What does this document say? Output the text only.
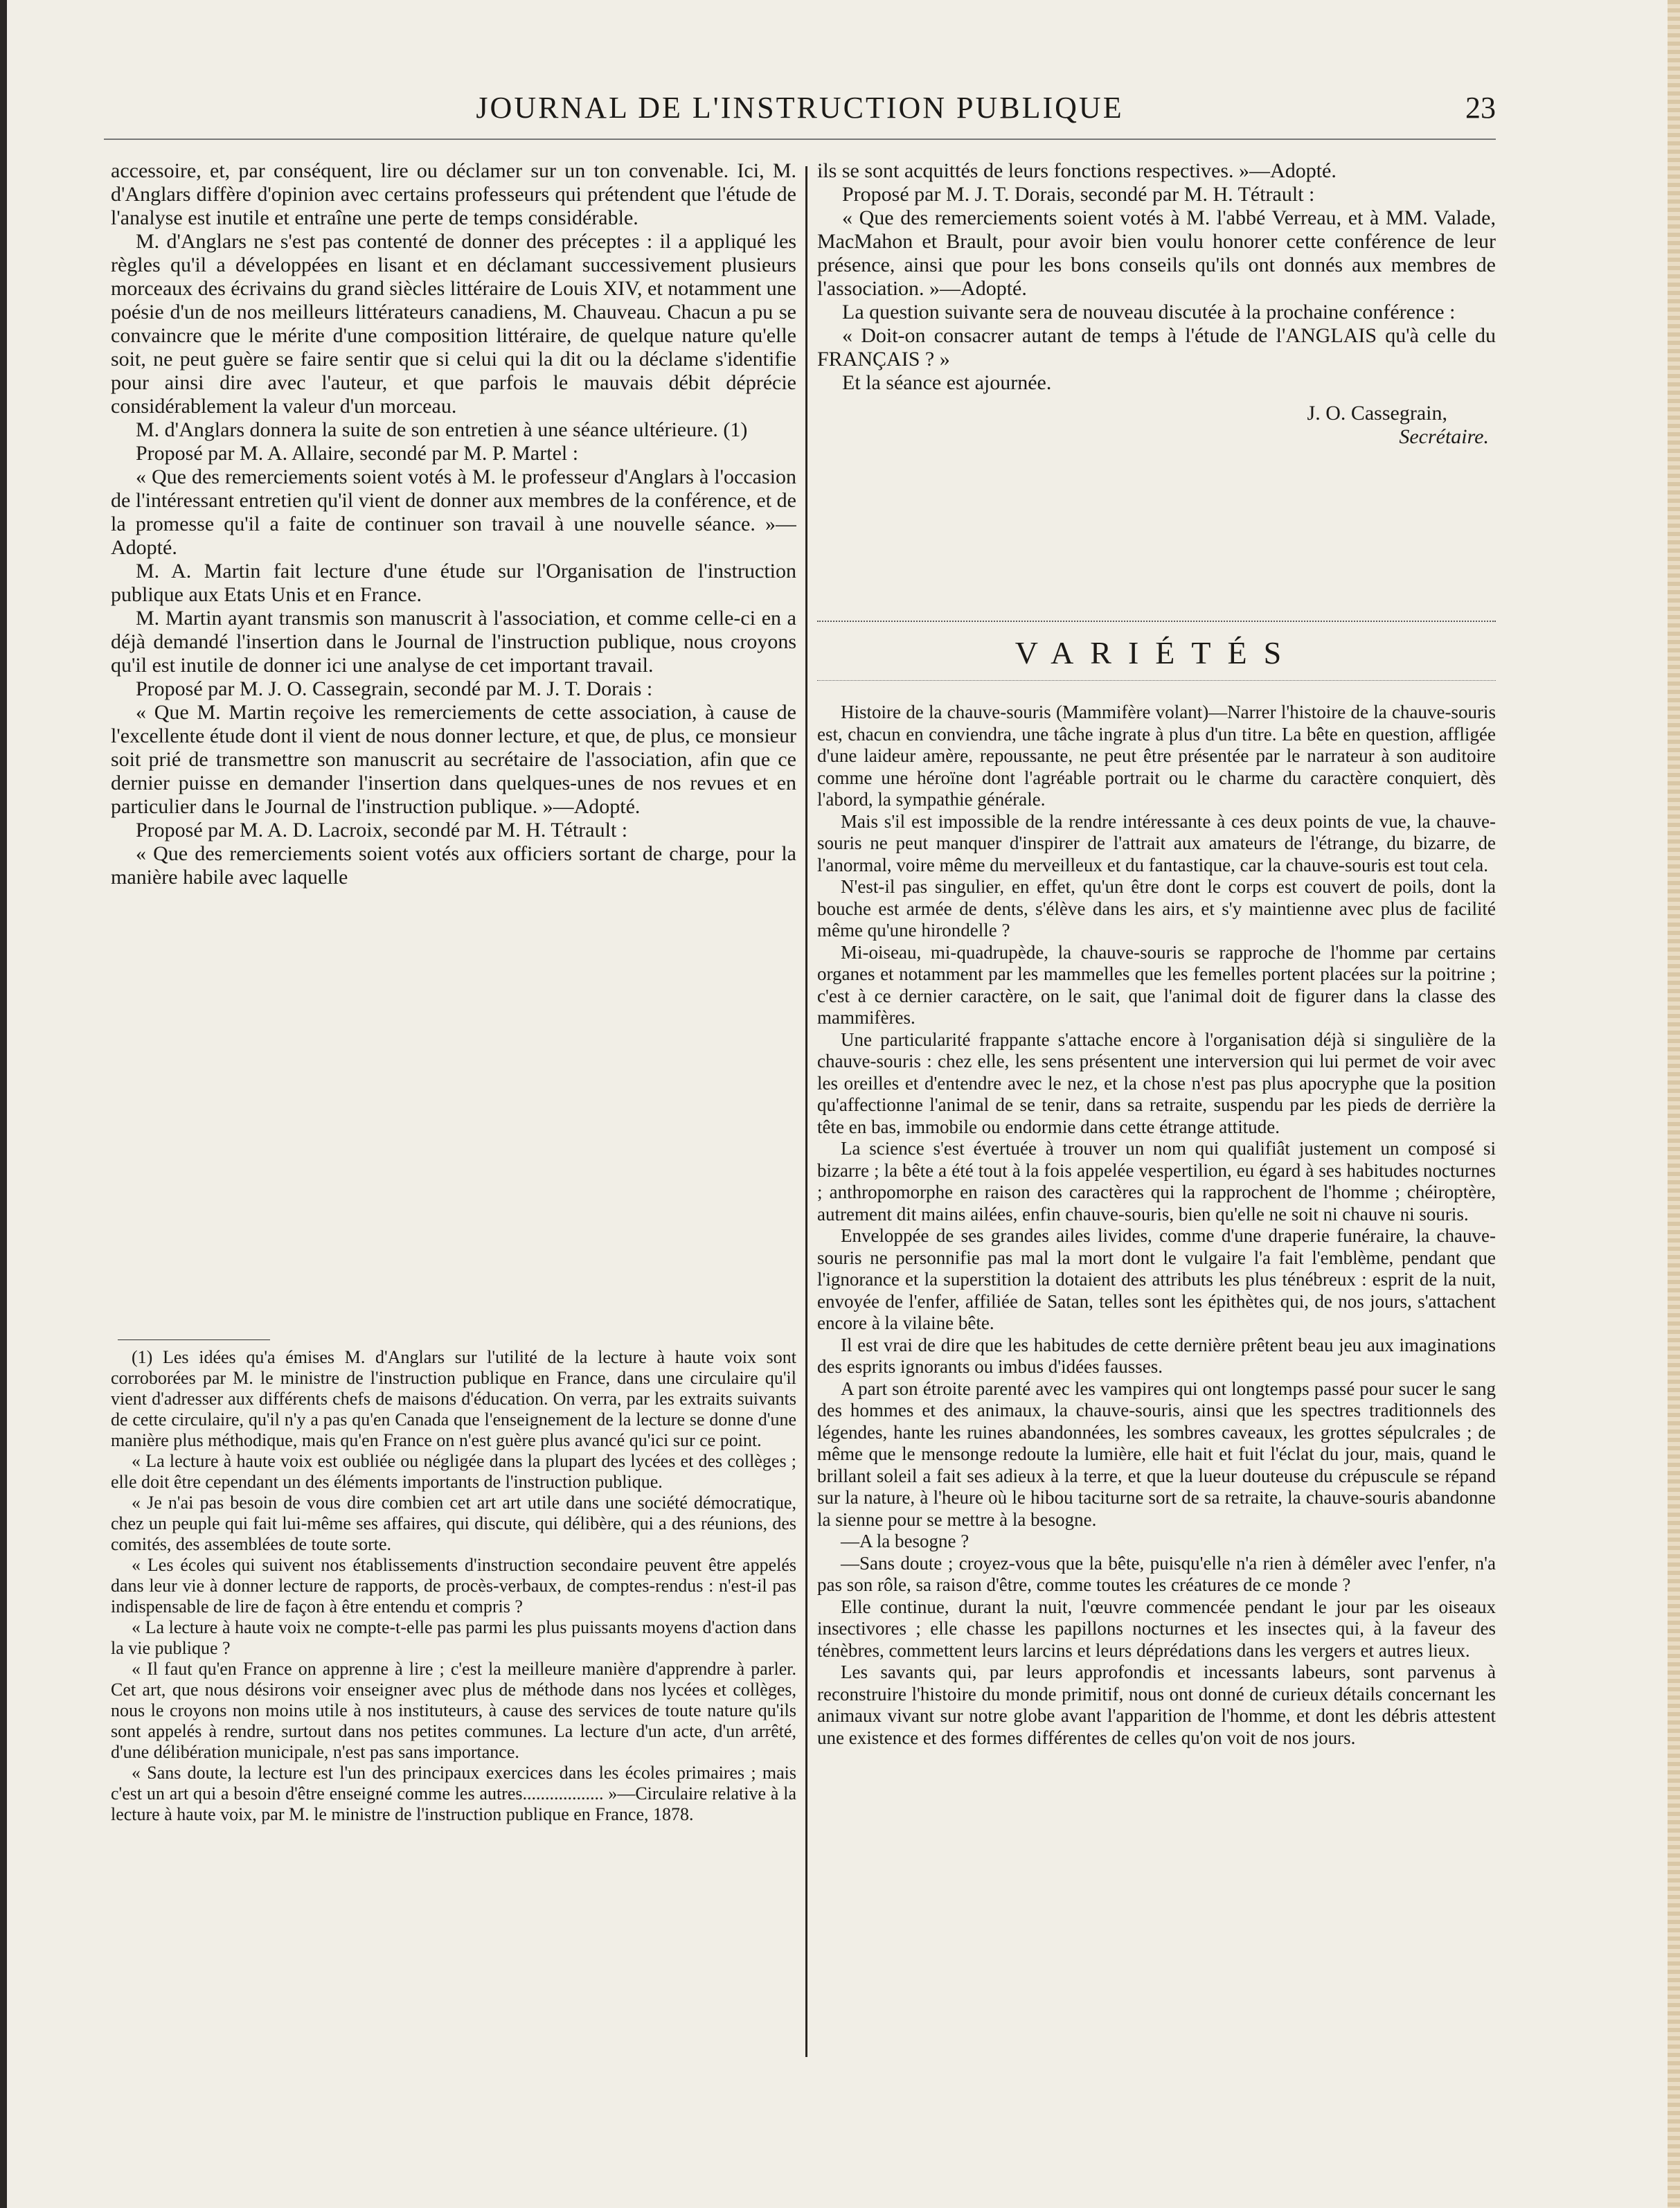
JOURNAL DE L'INSTRUCTION PUBLIQUE	23

accessoire, et, par conséquent, lire ou déclamer sur un ton convenable. Ici, M. d'Anglars diffère d'opinion avec certains professeurs qui prétendent que l'étude de l'analyse est inutile et entraîne une perte de temps considérable.

M. d'Anglars ne s'est pas contenté de donner des préceptes : il a appliqué les règles qu'il a développées en lisant et en déclamant successivement plusieurs morceaux des écrivains du grand siècles littéraire de Louis XIV, et notamment une poésie d'un de nos meilleurs littérateurs canadiens, M. Chauveau. Chacun a pu se convaincre que le mérite d'une composition littéraire, de quelque nature qu'elle soit, ne peut guère se faire sentir que si celui qui la dit ou la déclame s'identifie pour ainsi dire avec l'auteur, et que parfois le mauvais débit déprécie considérablement la valeur d'un morceau.

M. d'Anglars donnera la suite de son entretien à une séance ultérieure. (1)

Proposé par M. A. Allaire, secondé par M. P. Martel :

« Que des remerciements soient votés à M. le professeur d'Anglars à l'occasion de l'intéressant entretien qu'il vient de donner aux membres de la conférence, et de la promesse qu'il a faite de continuer son travail à une nouvelle séance. »—Adopté.

M. A. Martin fait lecture d'une étude sur l'Organisation de l'instruction publique aux Etats Unis et en France.

M. Martin ayant transmis son manuscrit à l'association, et comme celle-ci en a déjà demandé l'insertion dans le Journal de l'instruction publique, nous croyons qu'il est inutile de donner ici une analyse de cet important travail.

Proposé par M. J. O. Cassegrain, secondé par M. J. T. Dorais :

« Que M. Martin reçoive les remerciements de cette association, à cause de l'excellente étude dont il vient de nous donner lecture, et que, de plus, ce monsieur soit prié de transmettre son manuscrit au secrétaire de l'association, afin que ce dernier puisse en demander l'insertion dans quelques-unes de nos revues et en particulier dans le Journal de l'instruction publique. »—Adopté.

Proposé par M. A. D. Lacroix, secondé par M. H. Tétrault :

« Que des remerciements soient votés aux officiers sortant de charge, pour la manière habile avec laquelle

(1) Les idées qu'a émises M. d'Anglars sur l'utilité de la lecture à haute voix sont corroborées par M. le ministre de l'instruction publique en France, dans une circulaire qu'il vient d'adresser aux différents chefs de maisons d'éducation. On verra, par les extraits suivants de cette circulaire, qu'il n'y a pas qu'en Canada que l'enseignement de la lecture se donne d'une manière plus méthodique, mais qu'en France on n'est guère plus avancé qu'ici sur ce point.

« La lecture à haute voix est oubliée ou négligée dans la plupart des lycées et des collèges ; elle doit être cependant un des éléments importants de l'instruction publique.

« Je n'ai pas besoin de vous dire combien cet art art utile dans une société démocratique, chez un peuple qui fait lui-même ses affaires, qui discute, qui délibère, qui a des réunions, des comités, des assemblées de toute sorte.

« Les écoles qui suivent nos établissements d'instruction secondaire peuvent être appelés dans leur vie à donner lecture de rapports, de procès-verbaux, de comptes-rendus : n'est-il pas indispensable de lire de façon à être entendu et compris ?

« La lecture à haute voix ne compte-t-elle pas parmi les plus puissants moyens d'action dans la vie publique ?

« Il faut qu'en France on apprenne à lire ; c'est la meilleure manière d'apprendre à parler. Cet art, que nous désirons voir enseigner avec plus de méthode dans nos lycées et collèges, nous le croyons non moins utile à nos instituteurs, à cause des services de toute nature qu'ils sont appelés à rendre, surtout dans nos petites communes. La lecture d'un acte, d'un arrêté, d'une délibération municipale, n'est pas sans importance.

« Sans doute, la lecture est l'un des principaux exercices dans les écoles primaires ; mais c'est un art qui a besoin d'être enseigné comme les autres.................. »—Circulaire relative à la lecture à haute voix, par M. le ministre de l'instruction publique en France, 1878.

ils se sont acquittés de leurs fonctions respectives. »—Adopté.

Proposé par M. J. T. Dorais, secondé par M. H. Tétrault :

« Que des remerciements soient votés à M. l'abbé Verreau, et à MM. Valade, MacMahon et Brault, pour avoir bien voulu honorer cette conférence de leur présence, ainsi que pour les bons conseils qu'ils ont donnés aux membres de l'association. »—Adopté.

La question suivante sera de nouveau discutée à la prochaine conférence :

« Doit-on consacrer autant de temps à l'étude de l'ANGLAIS qu'à celle du FRANÇAIS ? »

Et la séance est ajournée.

J. O. Cassegrain,
Secrétaire.
VARIÉTÉS

Histoire de la chauve-souris (Mammifère volant)—Narrer l'histoire de la chauve-souris est, chacun en conviendra, une tâche ingrate à plus d'un titre. La bête en question, affligée d'une laideur amère, repoussante, ne peut être présentée par le narrateur à son auditoire comme une héroïne dont l'agréable portrait ou le charme du caractère conquiert, dès l'abord, la sympathie générale.

Mais s'il est impossible de la rendre intéressante à ces deux points de vue, la chauve-souris ne peut manquer d'inspirer de l'attrait aux amateurs de l'étrange, du bizarre, de l'anormal, voire même du merveilleux et du fantastique, car la chauve-souris est tout cela.

N'est-il pas singulier, en effet, qu'un être dont le corps est couvert de poils, dont la bouche est armée de dents, s'élève dans les airs, et s'y maintienne avec plus de facilité même qu'une hirondelle ?

Mi-oiseau, mi-quadrupède, la chauve-souris se rapproche de l'homme par certains organes et notamment par les mammelles que les femelles portent placées sur la poitrine ; c'est à ce dernier caractère, on le sait, que l'animal doit de figurer dans la classe des mammifères.

Une particularité frappante s'attache encore à l'organisation déjà si singulière de la chauve-souris : chez elle, les sens présentent une interversion qui lui permet de voir avec les oreilles et d'entendre avec le nez, et la chose n'est pas plus apocryphe que la position qu'affectionne l'animal de se tenir, dans sa retraite, suspendu par les pieds de derrière la tête en bas, immobile ou endormie dans cette étrange attitude.

La science s'est évertuée à trouver un nom qui qualifiât justement un composé si bizarre ; la bête a été tout à la fois appelée vespertilion, eu égard à ses habitudes nocturnes ; anthropomorphe en raison des caractères qui la rapprochent de l'homme ; chéiroptère, autrement dit mains ailées, enfin chauve-souris, bien qu'elle ne soit ni chauve ni souris.

Enveloppée de ses grandes ailes livides, comme d'une draperie funéraire, la chauve-souris ne personnifie pas mal la mort dont le vulgaire l'a fait l'emblème, pendant que l'ignorance et la superstition la dotaient des attributs les plus ténébreux : esprit de la nuit, envoyée de l'enfer, affiliée de Satan, telles sont les épithètes qui, de nos jours, s'attachent encore à la vilaine bête.

Il est vrai de dire que les habitudes de cette dernière prêtent beau jeu aux imaginations des esprits ignorants ou imbus d'idées fausses.

A part son étroite parenté avec les vampires qui ont longtemps passé pour sucer le sang des hommes et des animaux, la chauve-souris, ainsi que les spectres traditionnels des légendes, hante les ruines abandonnées, les sombres caveaux, les grottes sépulcrales ; de même que le mensonge redoute la lumière, elle hait et fuit l'éclat du jour, mais, quand le brillant soleil a fait ses adieux à la terre, et que la lueur douteuse du crépuscule se répand sur la nature, à l'heure où le hibou taciturne sort de sa retraite, la chauve-souris abandonne la sienne pour se mettre à la besogne.

—A la besogne ?

—Sans doute ; croyez-vous que la bête, puisqu'elle n'a rien à démêler avec l'enfer, n'a pas son rôle, sa raison d'être, comme toutes les créatures de ce monde ?

Elle continue, durant la nuit, l'œuvre commencée pendant le jour par les oiseaux insectivores ; elle chasse les papillons nocturnes et les insectes qui, à la faveur des ténèbres, commettent leurs larcins et leurs déprédations dans les vergers et autres lieux.

Les savants qui, par leurs approfondis et incessants labeurs, sont parvenus à reconstruire l'histoire du monde primitif, nous ont donné de curieux détails concernant les animaux vivant sur notre globe avant l'apparition de l'homme, et dont les débris attestent une existence et des formes différentes de celles qu'on voit de nos jours.
